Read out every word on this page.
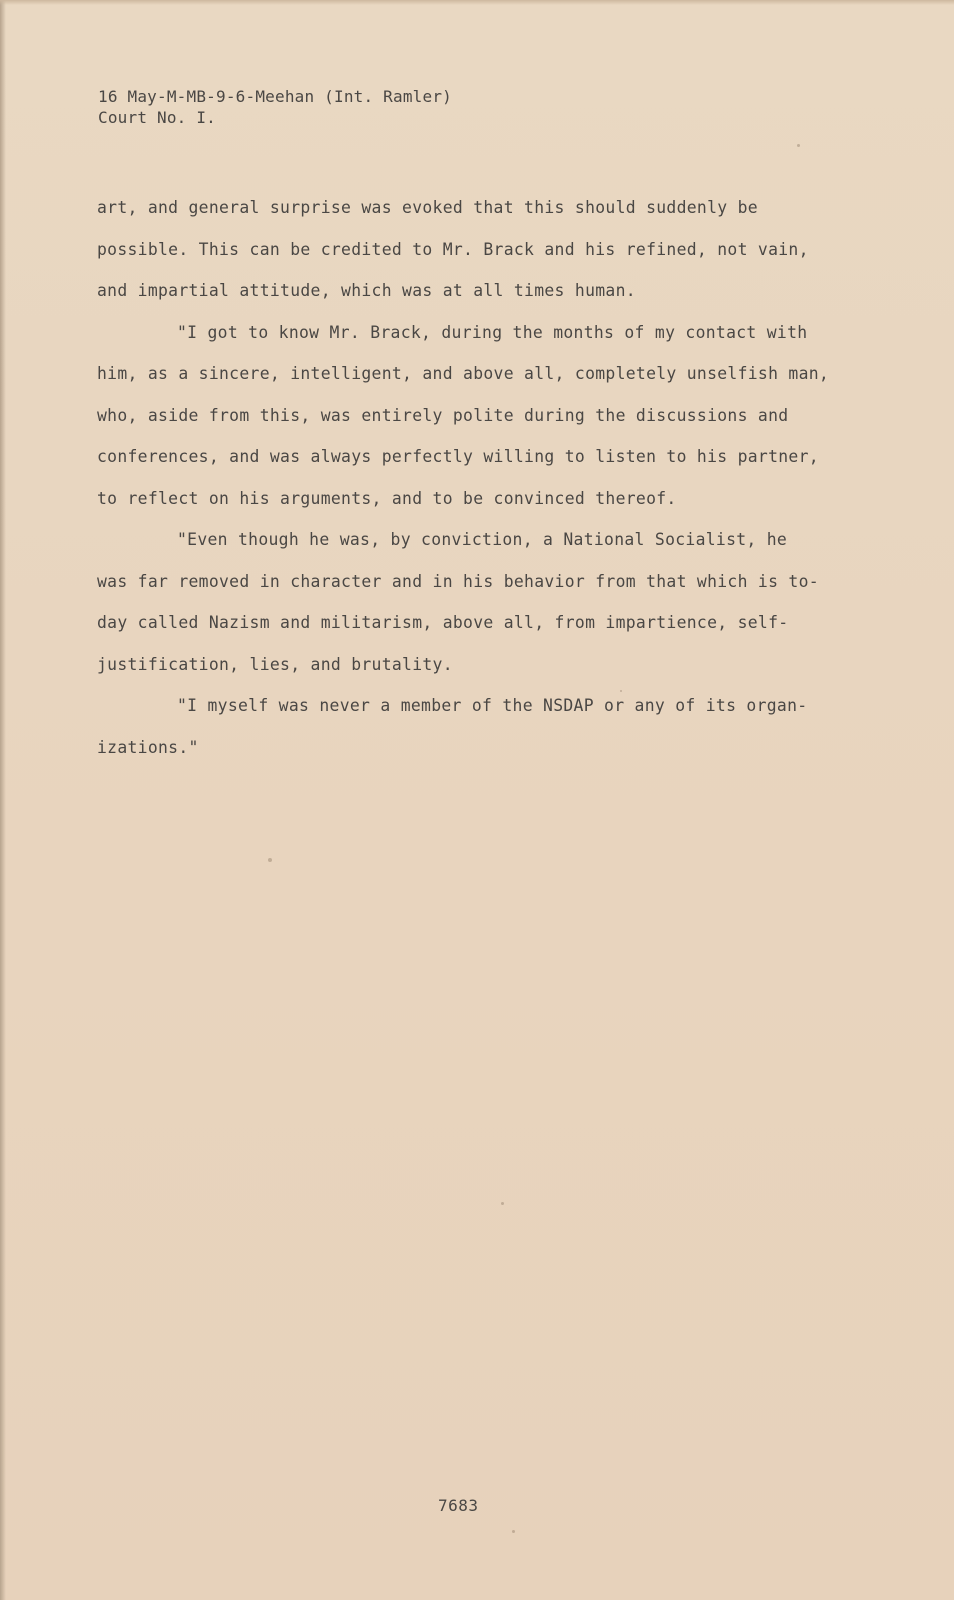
16 May-M-MB-9-6-Meehan (Int. Ramler)
Court No. I.
art, and general surprise was evoked that this should suddenly be
possible. This can be credited to Mr. Brack and his refined, not vain,
and impartial attitude, which was at all times human.
"I got to know Mr. Brack, during the months of my contact with
him, as a sincere, intelligent, and above all, completely unselfish man,
who, aside from this, was entirely polite during the discussions and
conferences, and was always perfectly willing to listen to his partner,
to reflect on his arguments, and to be convinced thereof.
"Even though he was, by conviction, a National Socialist, he
was far removed in character and in his behavior from that which is to-
day called Nazism and militarism, above all, from impartience, self-
justification, lies, and brutality.
"I myself was never a member of the NSDAP or any of its organ-
izations."
7683
